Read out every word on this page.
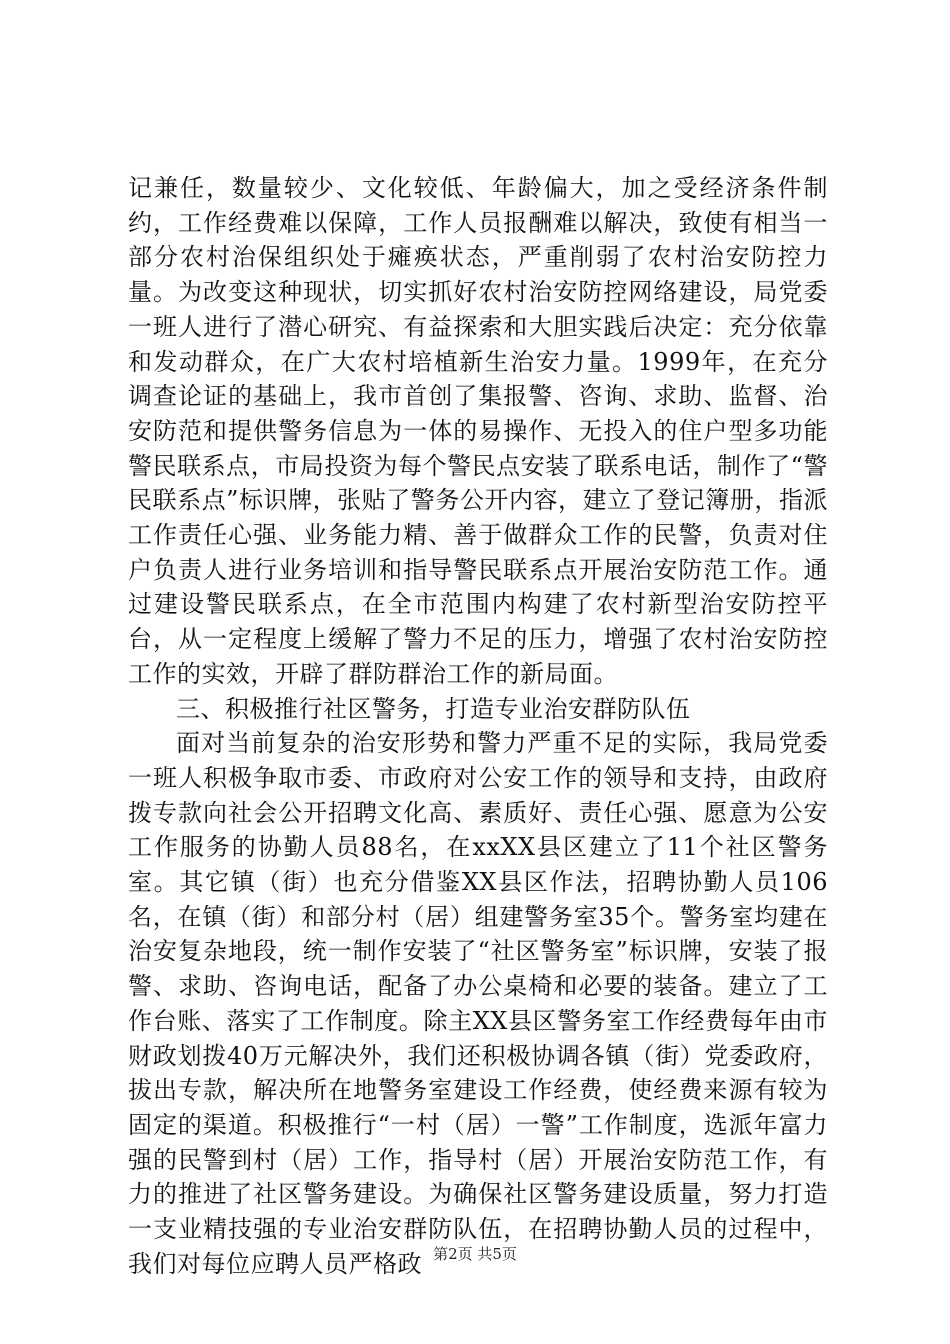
记兼任，数量较少、文化较低、年龄偏大，加之受经济条件制约，工作经费难以保障，工作人员报酬难以解决，致使有相当一部分农村治保组织处于瘫痪状态，严重削弱了农村治安防控力量。为改变这种现状，切实抓好农村治安防控网络建设，局党委一班人进行了潜心研究、有益探索和大胆实践后决定：充分依靠和发动群众，在广大农村培植新生治安力量。1999年，在充分调查论证的基础上，我市首创了集报警、咨询、求助、监督、治安防范和提供警务信息为一体的易操作、无投入的住户型多功能警民联系点，市局投资为每个警民点安装了联系电话，制作了“警民联系点”标识牌，张贴了警务公开内容，建立了登记簿册，指派工作责任心强、业务能力精、善于做群众工作的民警，负责对住户负责人进行业务培训和指导警民联系点开展治安防范工作。通过建设警民联系点，在全市范围内构建了农村新型治安防控平台，从一定程度上缓解了警力不足的压力，增强了农村治安防控工作的实效，开辟了群防群治工作的新局面。

三、积极推行社区警务，打造专业治安群防队伍

面对当前复杂的治安形势和警力严重不足的实际，我局党委一班人积极争取市委、市政府对公安工作的领导和支持，由政府拨专款向社会公开招聘文化高、素质好、责任心强、愿意为公安工作服务的协勤人员88名，在xxXX县区建立了11个社区警务室。其它镇（街）也充分借鉴XX县区作法，招聘协勤人员106名，在镇（街）和部分村（居）组建警务室35个。警务室均建在治安复杂地段，统一制作安装了“社区警务室”标识牌，安装了报警、求助、咨询电话，配备了办公桌椅和必要的装备。建立了工作台账、落实了工作制度。除主XX县区警务室工作经费每年由市财政划拨40万元解决外，我们还积极协调各镇（街）党委政府，拔出专款，解决所在地警务室建设工作经费，使经费来源有较为固定的渠道。积极推行“一村（居）一警”工作制度，选派年富力强的民警到村（居）工作，指导村（居）开展治安防范工作，有力的推进了社区警务建设。为确保社区警务建设质量，努力打造一支业精技强的专业治安群防队伍，在招聘协勤人员的过程中，我们对每位应聘人员严格政 第2页 共5页
